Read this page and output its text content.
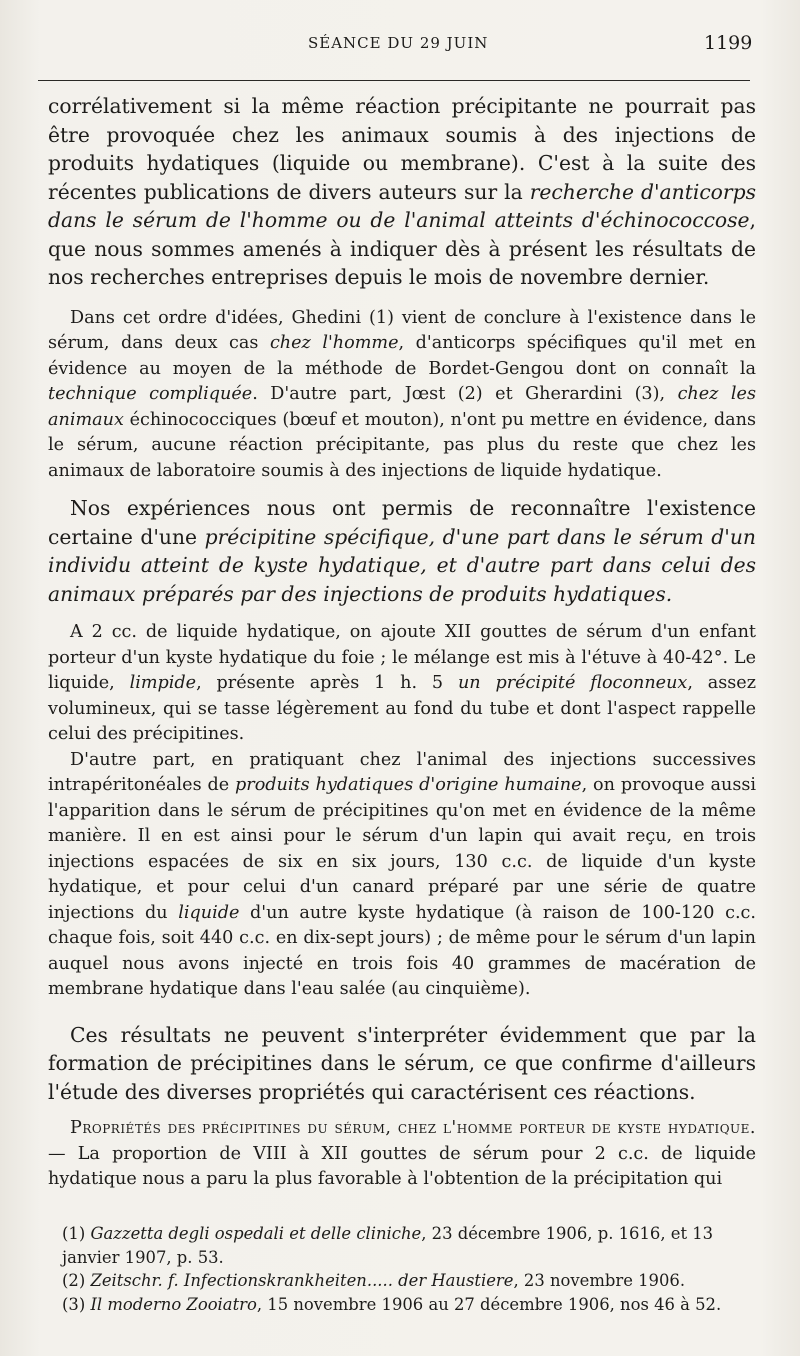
SÉANCE DU 29 JUIN	1199

corrélativement si la même réaction précipitante ne pourrait pas être provoquée chez les animaux soumis à des injections de produits hydatiques (liquide ou membrane). C'est à la suite des récentes publications de divers auteurs sur la recherche d'anticorps dans le sérum de l'homme ou de l'animal atteints d'échinococcose, que nous sommes amenés à indiquer dès à présent les résultats de nos recherches entreprises depuis le mois de novembre dernier.

Dans cet ordre d'idées, Ghedini (1) vient de conclure à l'existence dans le sérum, dans deux cas chez l'homme, d'anticorps spécifiques qu'il met en évidence au moyen de la méthode de Bordet-Gengou dont on connaît la technique compliquée. D'autre part, Jœst (2) et Gherardini (3), chez les animaux échinococciques (bœuf et mouton), n'ont pu mettre en évidence, dans le sérum, aucune réaction précipitante, pas plus du reste que chez les animaux de laboratoire soumis à des injections de liquide hydatique.

Nos expériences nous ont permis de reconnaître l'existence certaine d'une précipitine spécifique, d'une part dans le sérum d'un individu atteint de kyste hydatique, et d'autre part dans celui des animaux préparés par des injections de produits hydatiques.

A 2 cc. de liquide hydatique, on ajoute XII gouttes de sérum d'un enfant porteur d'un kyste hydatique du foie ; le mélange est mis à l'étuve à 40-42°. Le liquide, limpide, présente après 1 h. 5 un précipité floconneux, assez volumineux, qui se tasse légèrement au fond du tube et dont l'aspect rappelle celui des précipitines.

D'autre part, en pratiquant chez l'animal des injections successives intrapéritonéales de produits hydatiques d'origine humaine, on provoque aussi l'apparition dans le sérum de précipitines qu'on met en évidence de la même manière. Il en est ainsi pour le sérum d'un lapin qui avait reçu, en trois injections espacées de six en six jours, 130 c.c. de liquide d'un kyste hydatique, et pour celui d'un canard préparé par une série de quatre injections du liquide d'un autre kyste hydatique (à raison de 100-120 c.c. chaque fois, soit 440 c.c. en dix-sept jours) ; de même pour le sérum d'un lapin auquel nous avons injecté en trois fois 40 grammes de macération de membrane hydatique dans l'eau salée (au cinquième).

Ces résultats ne peuvent s'interpréter évidemment que par la formation de précipitines dans le sérum, ce que confirme d'ailleurs l'étude des diverses propriétés qui caractérisent ces réactions.

Propriétés des précipitines du sérum, chez l'homme porteur de kyste hydatique. — La proportion de VIII à XII gouttes de sérum pour 2 c.c. de liquide hydatique nous a paru la plus favorable à l'obtention de la précipitation qui

(1) Gazzetta degli ospedali et delle cliniche, 23 décembre 1906, p. 1616, et 13 janvier 1907, p. 53.

(2) Zeitschr. f. Infectionskrankheiten..... der Haustiere, 23 novembre 1906.

(3) Il moderno Zooiatro, 15 novembre 1906 au 27 décembre 1906, nos 46 à 52.
